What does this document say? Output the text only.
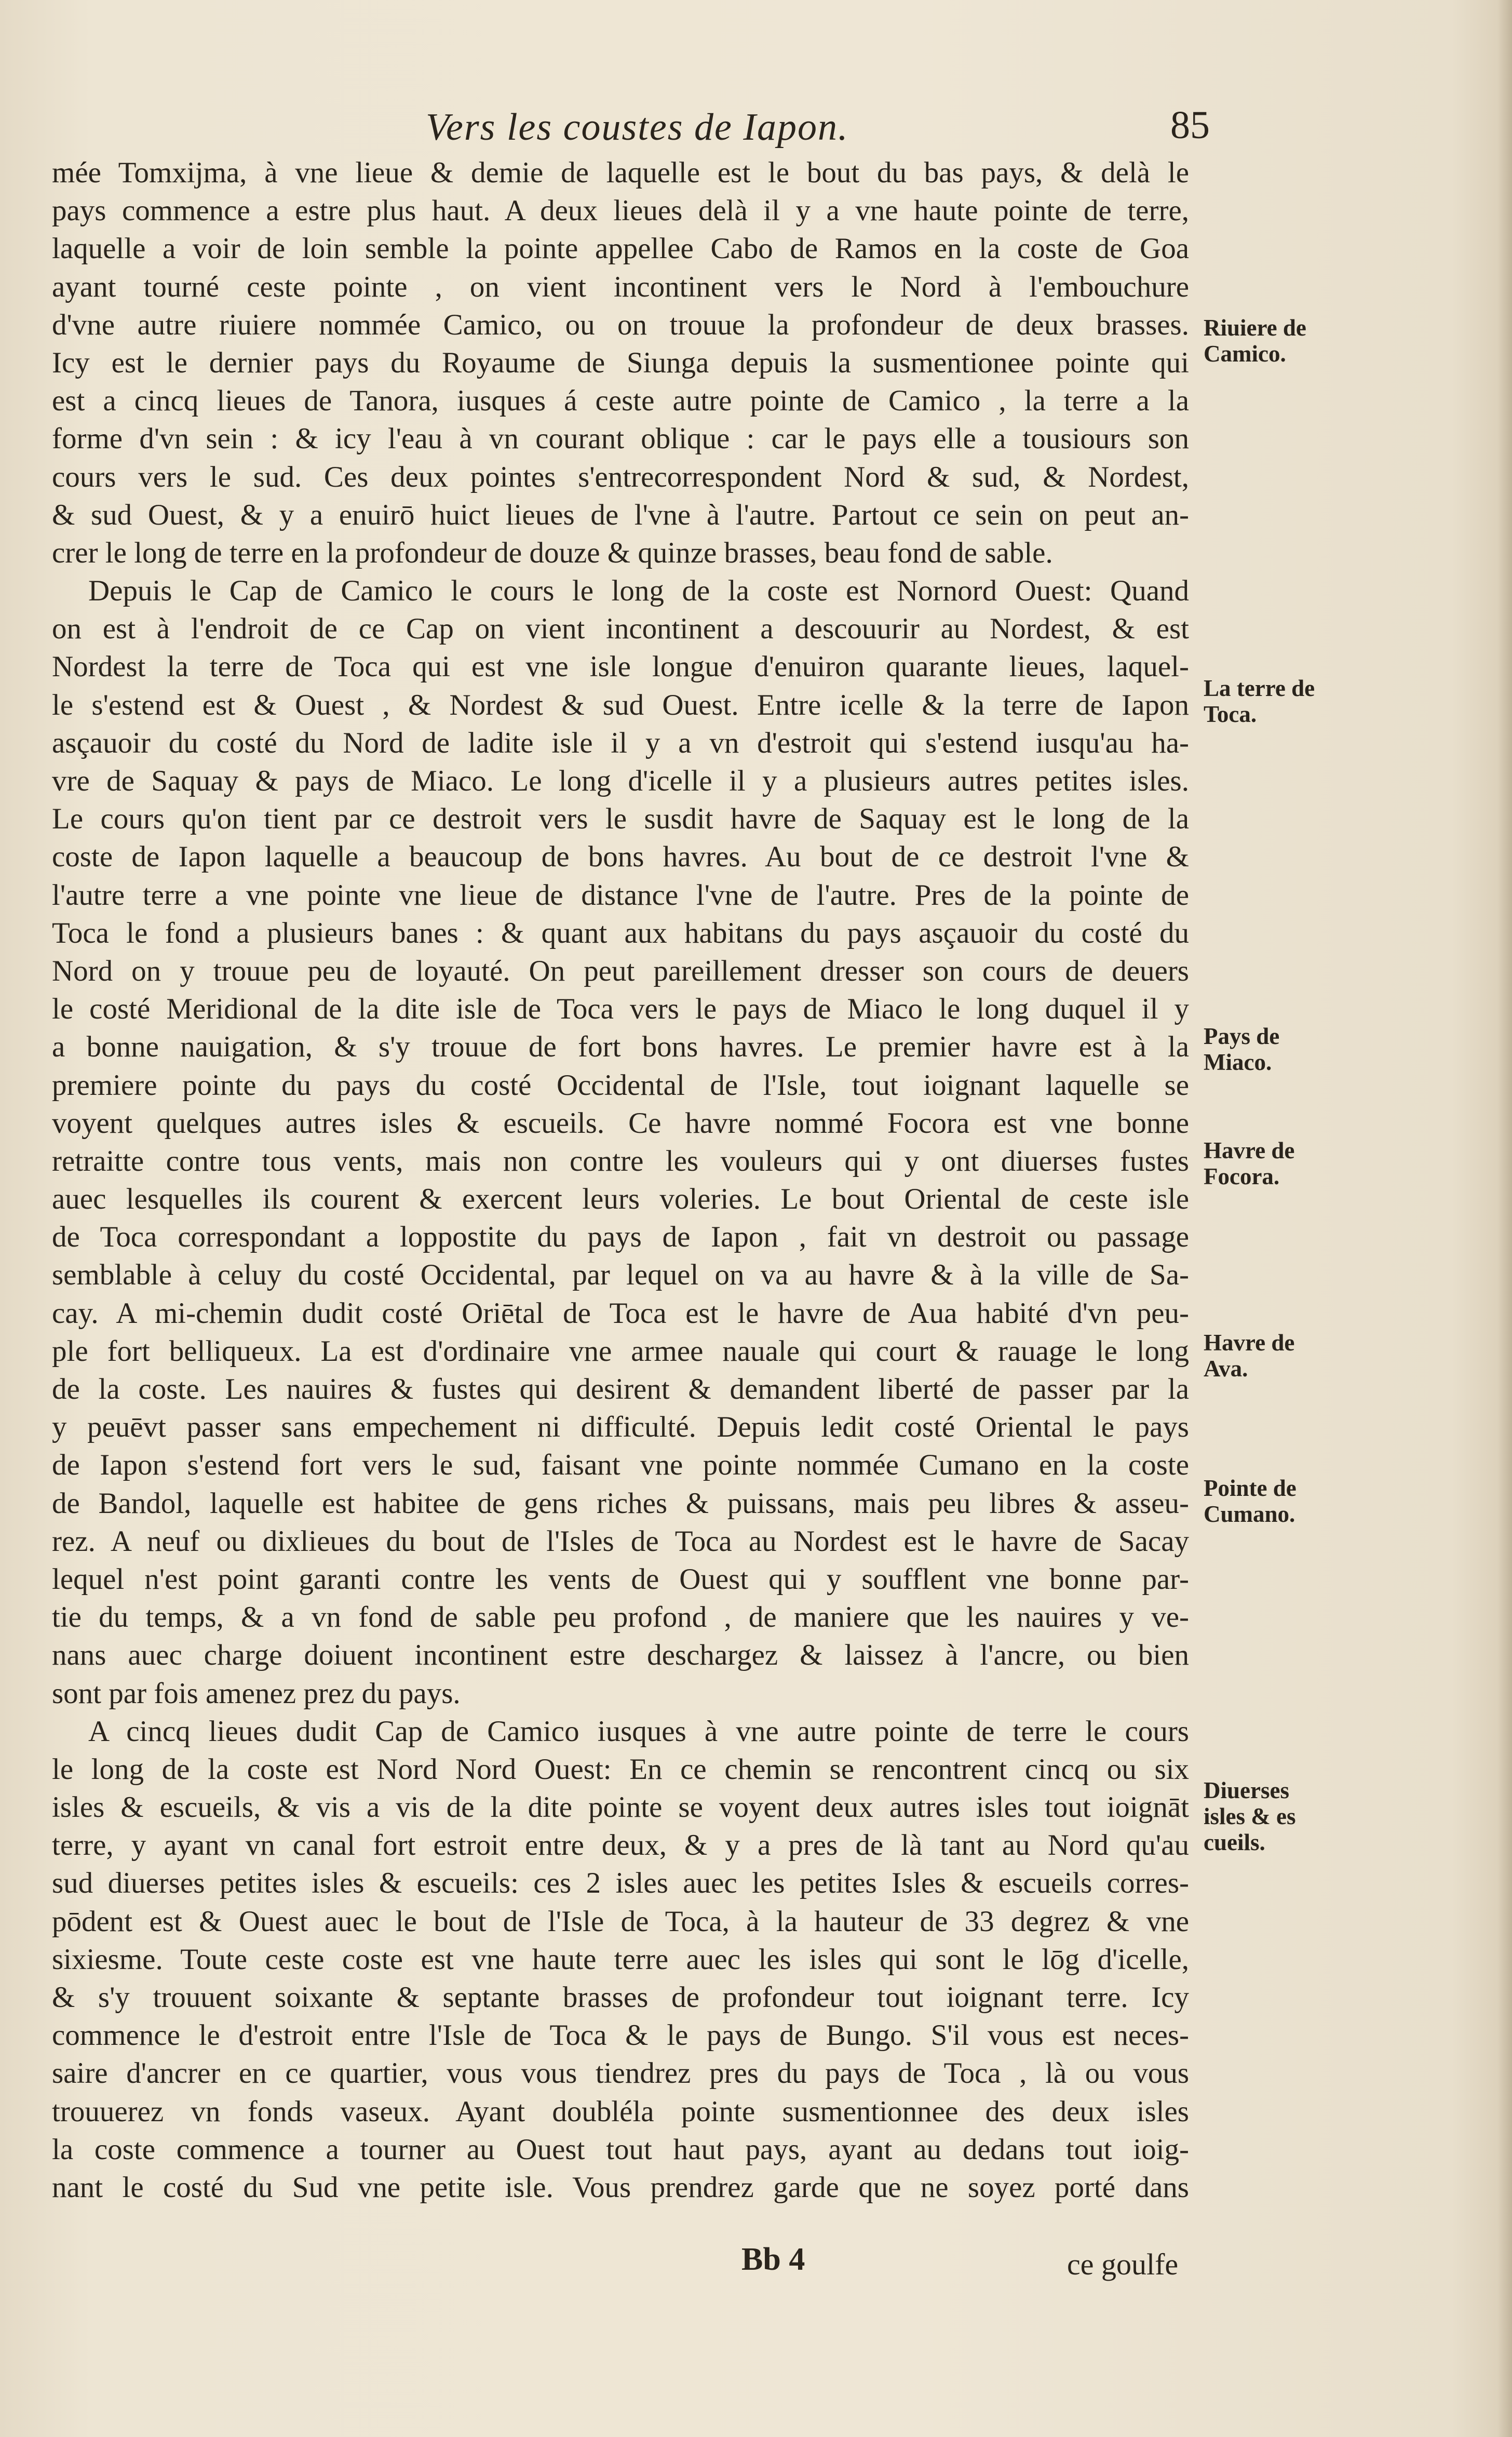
Vers les coustes de Iapon.	85
mée Tomxijma, à vne lieue & demie de laquelle est le bout du bas pays, & delà le
pays commence a estre plus haut. A deux lieues delà il y a vne haute pointe de terre,
laquelle a voir de loin semble la pointe appellee Cabo de Ramos en la coste de Goa
ayant tourné ceste pointe , on vient incontinent vers le Nord à l'embouchure
d'vne autre riuiere nommée Camico, ou on trouue la profondeur de deux brasses.
Icy est le dernier pays du Royaume de Siunga depuis la susmentionee pointe qui
est a cincq lieues de Tanora, iusques á ceste autre pointe de Camico , la terre a la
forme d'vn sein : & icy l'eau à vn courant oblique : car le pays elle a tousiours son
cours vers le sud. Ces deux pointes s'entrecorrespondent Nord & sud, & Nordest,
& sud Ouest, & y a enuirō huict lieues de l'vne à l'autre. Partout ce sein on peut an-
crer le long de terre en la profondeur de douze & quinze brasses, beau fond de sable.
Depuis le Cap de Camico le cours le long de la coste est Nornord Ouest: Quand
on est à l'endroit de ce Cap on vient incontinent a descouurir au Nordest, & est
Nordest la terre de Toca qui est vne isle longue d'enuiron quarante lieues, laquel-
le s'estend est & Ouest , & Nordest & sud Ouest. Entre icelle & la terre de Iapon
asçauoir du costé du Nord de ladite isle il y a vn d'estroit qui s'estend iusqu'au ha-
vre de Saquay & pays de Miaco. Le long d'icelle il y a plusieurs autres petites isles.
Le cours qu'on tient par ce destroit vers le susdit havre de Saquay est le long de la
coste de Iapon laquelle a beaucoup de bons havres. Au bout de ce destroit l'vne &
l'autre terre a vne pointe vne lieue de distance l'vne de l'autre. Pres de la pointe de
Toca le fond a plusieurs banes : & quant aux habitans du pays asçauoir du costé du
Nord on y trouue peu de loyauté. On peut pareillement dresser son cours de deuers
le costé Meridional de la dite isle de Toca vers le pays de Miaco le long duquel il y
a bonne nauigation, & s'y trouue de fort bons havres. Le premier havre est à la
premiere pointe du pays du costé Occidental de l'Isle, tout ioignant laquelle se
voyent quelques autres isles & escueils. Ce havre nommé Focora est vne bonne
retraitte contre tous vents, mais non contre les vouleurs qui y ont diuerses fustes
auec lesquelles ils courent & exercent leurs voleries. Le bout Oriental de ceste isle
de Toca correspondant a loppostite du pays de Iapon , fait vn destroit ou passage
semblable à celuy du costé Occidental, par lequel on va au havre & à la ville de Sa-
cay. A mi-chemin dudit costé Oriētal de Toca est le havre de Aua habité d'vn peu-
ple fort belliqueux. La est d'ordinaire vne armee nauale qui court & rauage le long
de la coste. Les nauires & fustes qui desirent & demandent liberté de passer par la
y peuēvt passer sans empechement ni difficulté. Depuis ledit costé Oriental le pays
de Iapon s'estend fort vers le sud, faisant vne pointe nommée Cumano en la coste
de Bandol, laquelle est habitee de gens riches & puissans, mais peu libres & asseu-
rez. A neuf ou dixlieues du bout de l'Isles de Toca au Nordest est le havre de Sacay
lequel n'est point garanti contre les vents de Ouest qui y soufflent vne bonne par-
tie du temps, & a vn fond de sable peu profond , de maniere que les nauires y ve-
nans auec charge doiuent incontinent estre deschargez & laissez à l'ancre, ou bien
sont par fois amenez prez du pays.
A cincq lieues dudit Cap de Camico iusques à vne autre pointe de terre le cours
le long de la coste est Nord Nord Ouest: En ce chemin se rencontrent cincq ou six
isles & escueils, & vis a vis de la dite pointe se voyent deux autres isles tout ioignāt
terre, y ayant vn canal fort estroit entre deux, & y a pres de là tant au Nord qu'au
sud diuerses petites isles & escueils: ces 2 isles auec les petites Isles & escueils corres-
pōdent est & Ouest auec le bout de l'Isle de Toca, à la hauteur de 33 degrez & vne
sixiesme. Toute ceste coste est vne haute terre auec les isles qui sont le lōg d'icelle,
& s'y trouuent soixante & septante brasses de profondeur tout ioignant terre. Icy
commence le d'estroit entre l'Isle de Toca & le pays de Bungo. S'il vous est neces-
saire d'ancrer en ce quartier, vous vous tiendrez pres du pays de Toca , là ou vous
trouuerez vn fonds vaseux. Ayant doubléla pointe susmentionnee des deux isles
la coste commence a tourner au Ouest tout haut pays, ayant au dedans tout ioig-
nant le costé du Sud vne petite isle. Vous prendrez garde que ne soyez porté dans
Riuiere de
Camico.
La terre de
Toca.
Pays de
Miaco.
Havre de
Focora.
Havre de
Ava.
Pointe de
Cumano.
Diuerses
isles & es
cueils.
Bb 4	ce goulfe
